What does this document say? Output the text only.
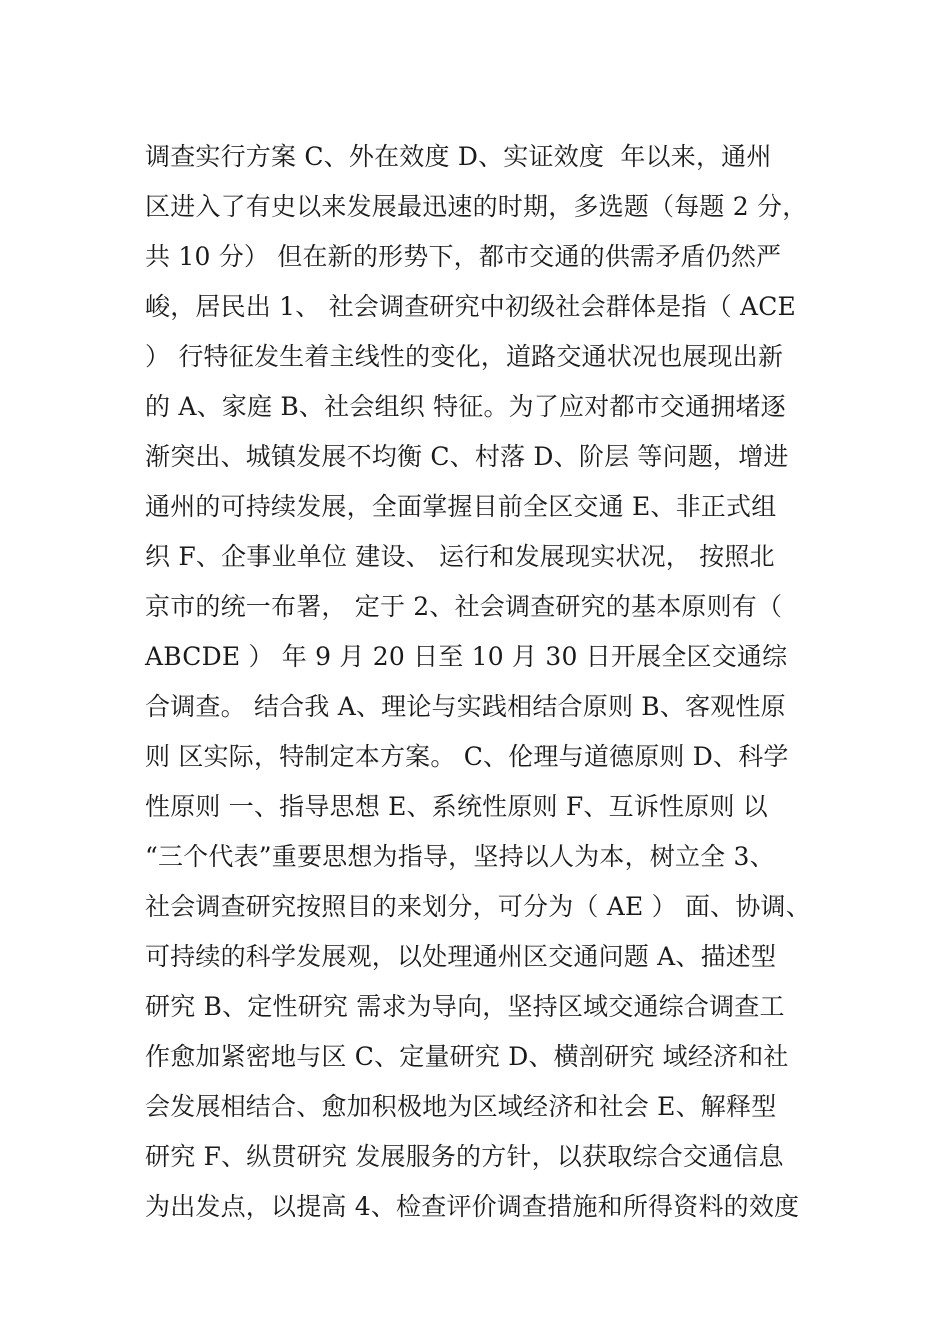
调查实行方案 C、外在效度 D、实证效度  年以来，通州
区进入了有史以来发展最迅速的时期，多选题（每题 2 分，
共 10 分） 但在新的形势下，都市交通的供需矛盾仍然严
峻，居民出 1、 社会调查研究中初级社会群体是指（ ACE
） 行特征发生着主线性的变化，道路交通状况也展现出新
的 A、家庭 B、社会组织 特征。为了应对都市交通拥堵逐
渐突出、城镇发展不均衡 C、村落 D、阶层 等问题，增进
通州的可持续发展，全面掌握目前全区交通 E、非正式组
织 F、企事业单位 建设、 运行和发展现实状况， 按照北
京市的统一布署， 定于 2、社会调查研究的基本原则有（
ABCDE ） 年 9 月 20 日至 10 月 30 日开展全区交通综
合调查。 结合我 A、理论与实践相结合原则 B、客观性原
则 区实际，特制定本方案。 C、伦理与道德原则 D、科学
性原则 一、指导思想 E、系统性原则 F、互诉性原则 以
“三个代表”重要思想为指导，坚持以人为本，树立全 3、
社会调查研究按照目的来划分，可分为（ AE ） 面、协调、
可持续的科学发展观，以处理通州区交通问题 A、描述型
研究 B、定性研究 需求为导向，坚持区域交通综合调查工
作愈加紧密地与区 C、定量研究 D、横剖研究 域经济和社
会发展相结合、愈加积极地为区域经济和社会 E、解释型
研究 F、纵贯研究 发展服务的方针，以获取综合交通信息
为出发点，以提高 4、检查评价调查措施和所得资料的效度
